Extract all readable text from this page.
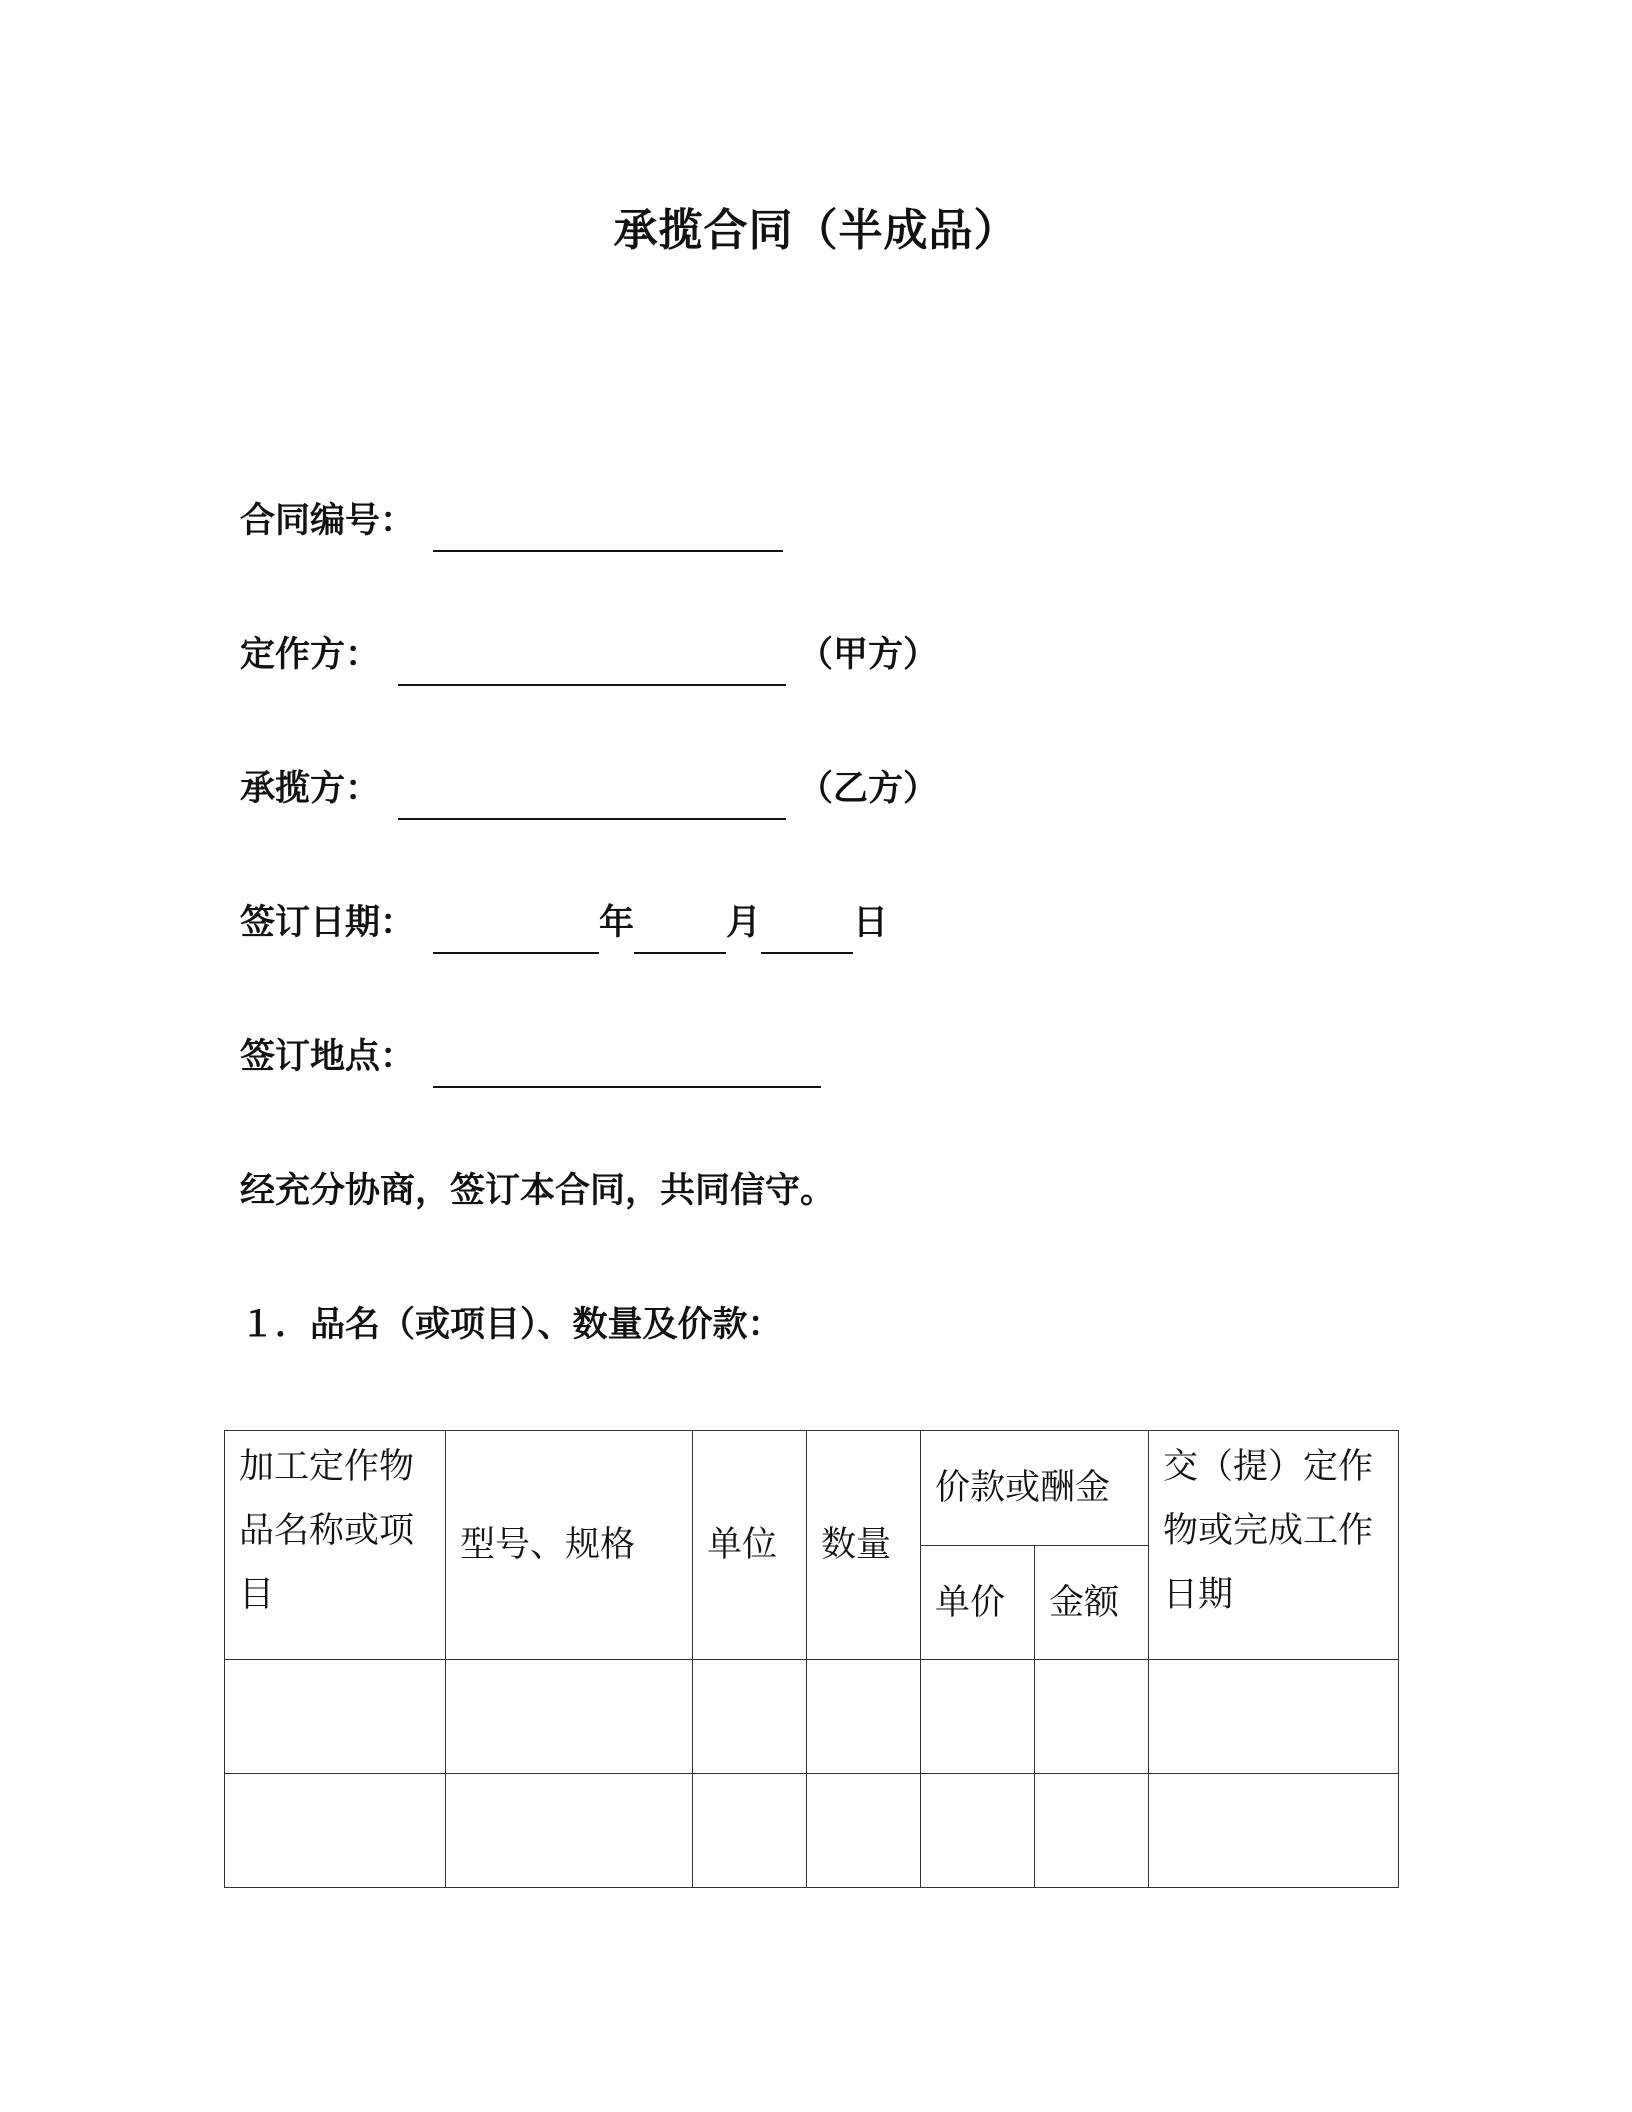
承揽合同（半成品）
合同编号：
定作方：	（甲方）
承揽方：	（乙方）
签订日期：	年	月	日
签订地点：
经充分协商，签订本合同，共同信守。
１．品名（或项目）、数量及价款：
加工定作物品名称或项目	型号、规格	单位	数量	价款或酬金		交（提）定作物或完成工作日期
				单价	金额	
